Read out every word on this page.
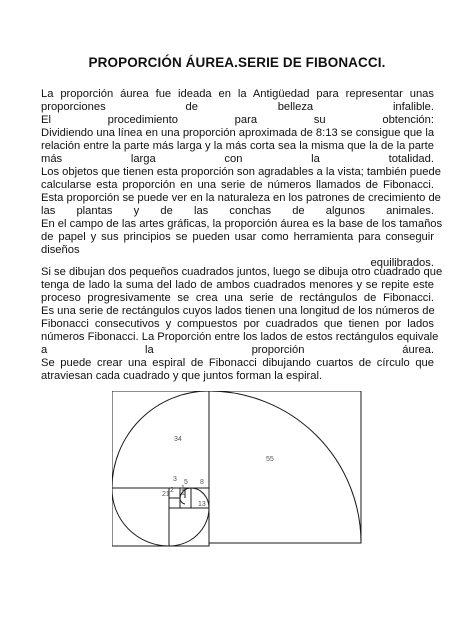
PROPORCIÓN ÁUREA.SERIE DE FIBONACCI.

La proporción áurea fue ideada en la Antigüedad para representar unas

proporciones de belleza infalible.

El procedimiento para su obtención:

Dividiendo una línea en una proporción aproximada de 8:13 se consigue que la

relación entre la parte más larga y la más corta sea la misma que la de la parte

más larga con la totalidad.

Los objetos que tienen esta proporción son agradables a la vista; también puede

calcularse esta proporción en una serie de números llamados de Fibonacci.

Esta proporción se puede ver en la naturaleza en los patrones de crecimiento de

las plantas y de las conchas de algunos animales.

En el campo de las artes gráficas, la proporción áurea es la base de los tamaños

de papel y sus principios se pueden usar como herramienta para conseguir

diseños

equilibrados.

Si se dibujan dos pequeños cuadrados juntos, luego se dibuja otro cuadrado que

tenga de lado la suma del lado de ambos cuadrados menores y se repite este

proceso progresivamente se crea una serie de rectángulos de Fibonacci.

Es una serie de rectángulos cuyos lados tienen una longitud de los números de

Fibonacci consecutivos y compuestos por cuadrados que tienen por lados

números Fibonacci. La Proporción entre los lados de estos rectángulos equivale

a la proporción áurea.

Se puede crear una espiral de Fibonacci dibujando cuartos de círculo que

atraviesan cada cuadrado y que juntos forman la espiral.

34
55
21
13
8
5
3
2 1
1
